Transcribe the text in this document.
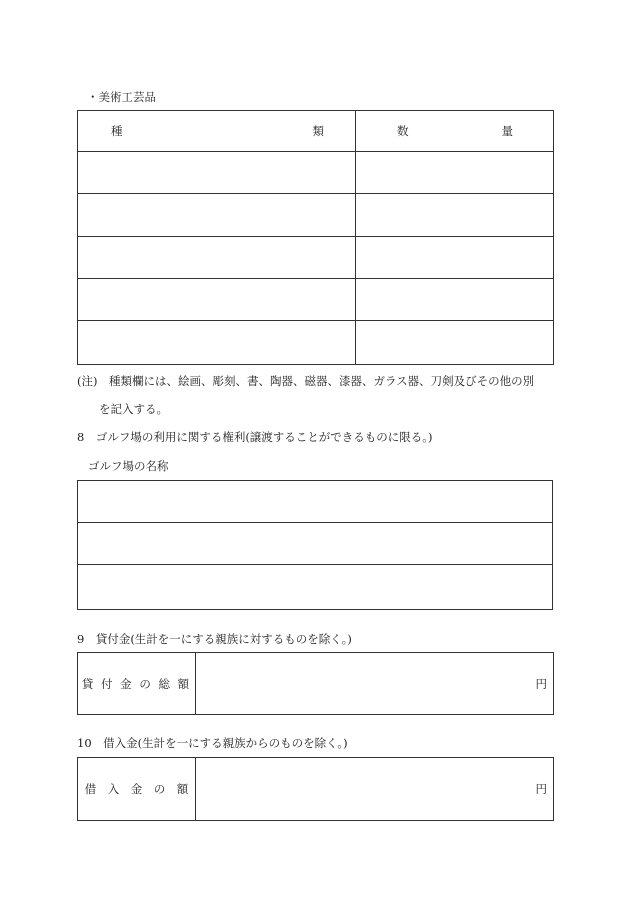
・美術工芸品
種 類	数 量

(注)　種類欄には、絵画、彫刻、書、陶器、磁器、漆器、ガラス器、刀剣及びその他の別
を記入する。
8　ゴルフ場の利用に関する権利(譲渡することができるものに限る。)
ゴルフ場の名称

9　貸付金(生計を一にする親族に対するものを除く。)
貸 付 金 の 総 額	円
10　借入金(生計を一にする親族からのものを除く。)
借　入　金　の　額	円
